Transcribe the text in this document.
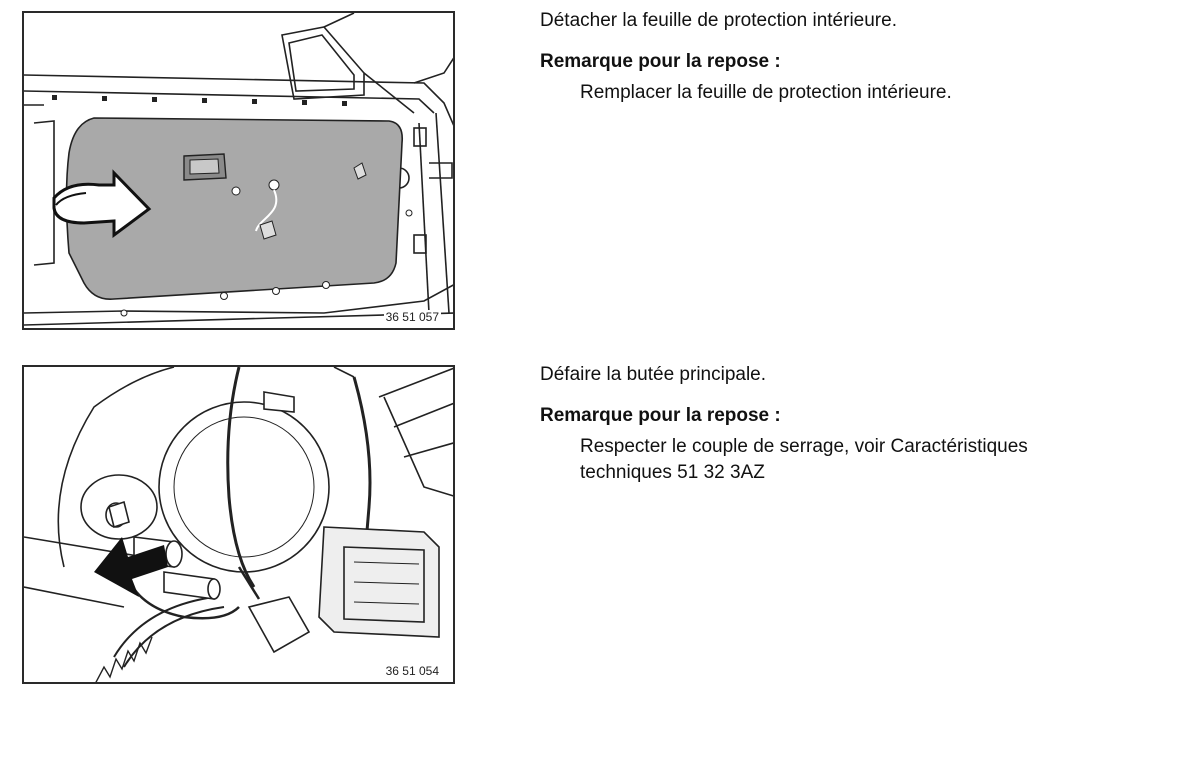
36 51 057

Détacher la feuille de protection intérieure.

Remarque pour la repose :

Remplacer la feuille de protection intérieure.

36 51 054

Défaire la butée principale.

Remarque pour la repose :

Respecter le couple de serrage, voir Caractéristiques techniques 51 32 3AZ
